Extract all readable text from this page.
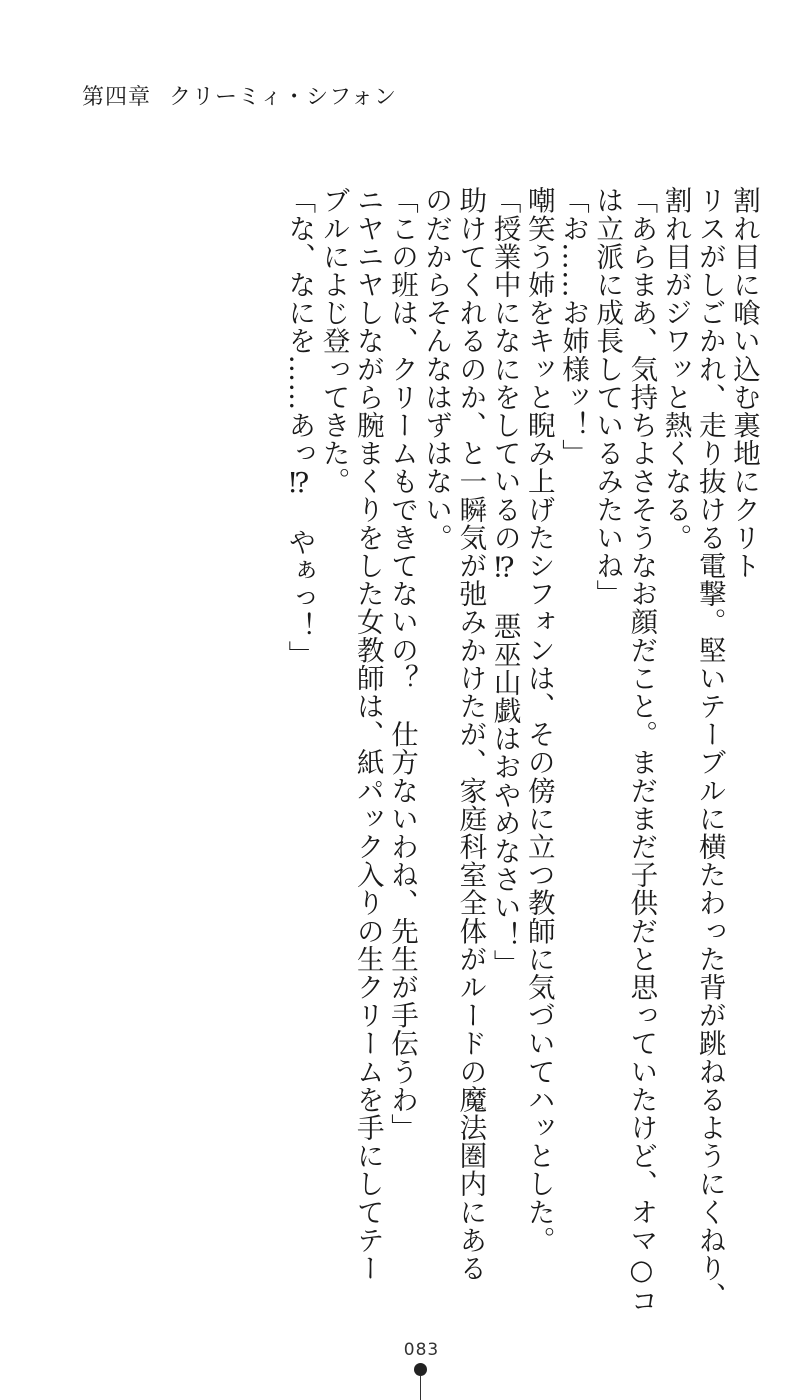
第四章 クリーミィ・シフォン
割れ目に喰い込む裏地にクリト
リスがしごかれ、走り抜ける電撃。堅いテーブルに横たわった背が跳ねるようにくねり、
割れ目がジワッと熱くなる。
「あらまあ、気持ちよさそうなお顔だこと。まだまだ子供だと思っていたけど、オマ○コ
は立派に成長しているみたいね」
「お……お姉様ッ！」
嘲笑う姉をキッと睨み上げたシフォンは、その傍に立つ教師に気づいてハッとした。
「授業中になにをしているの⁉　悪巫山戯はおやめなさい！」
助けてくれるのか、と一瞬気が弛みかけたが、家庭科室全体がルードの魔法圏内にある
のだからそんなはずはない。
「この班は、クリームもできてないの？　仕方ないわね、先生が手伝うわ」
ニヤニヤしながら腕まくりをした女教師は、紙パック入りの生クリームを手にしてテー
ブルによじ登ってきた。
「な、なにを……あっ⁉　やぁっ！」
083
